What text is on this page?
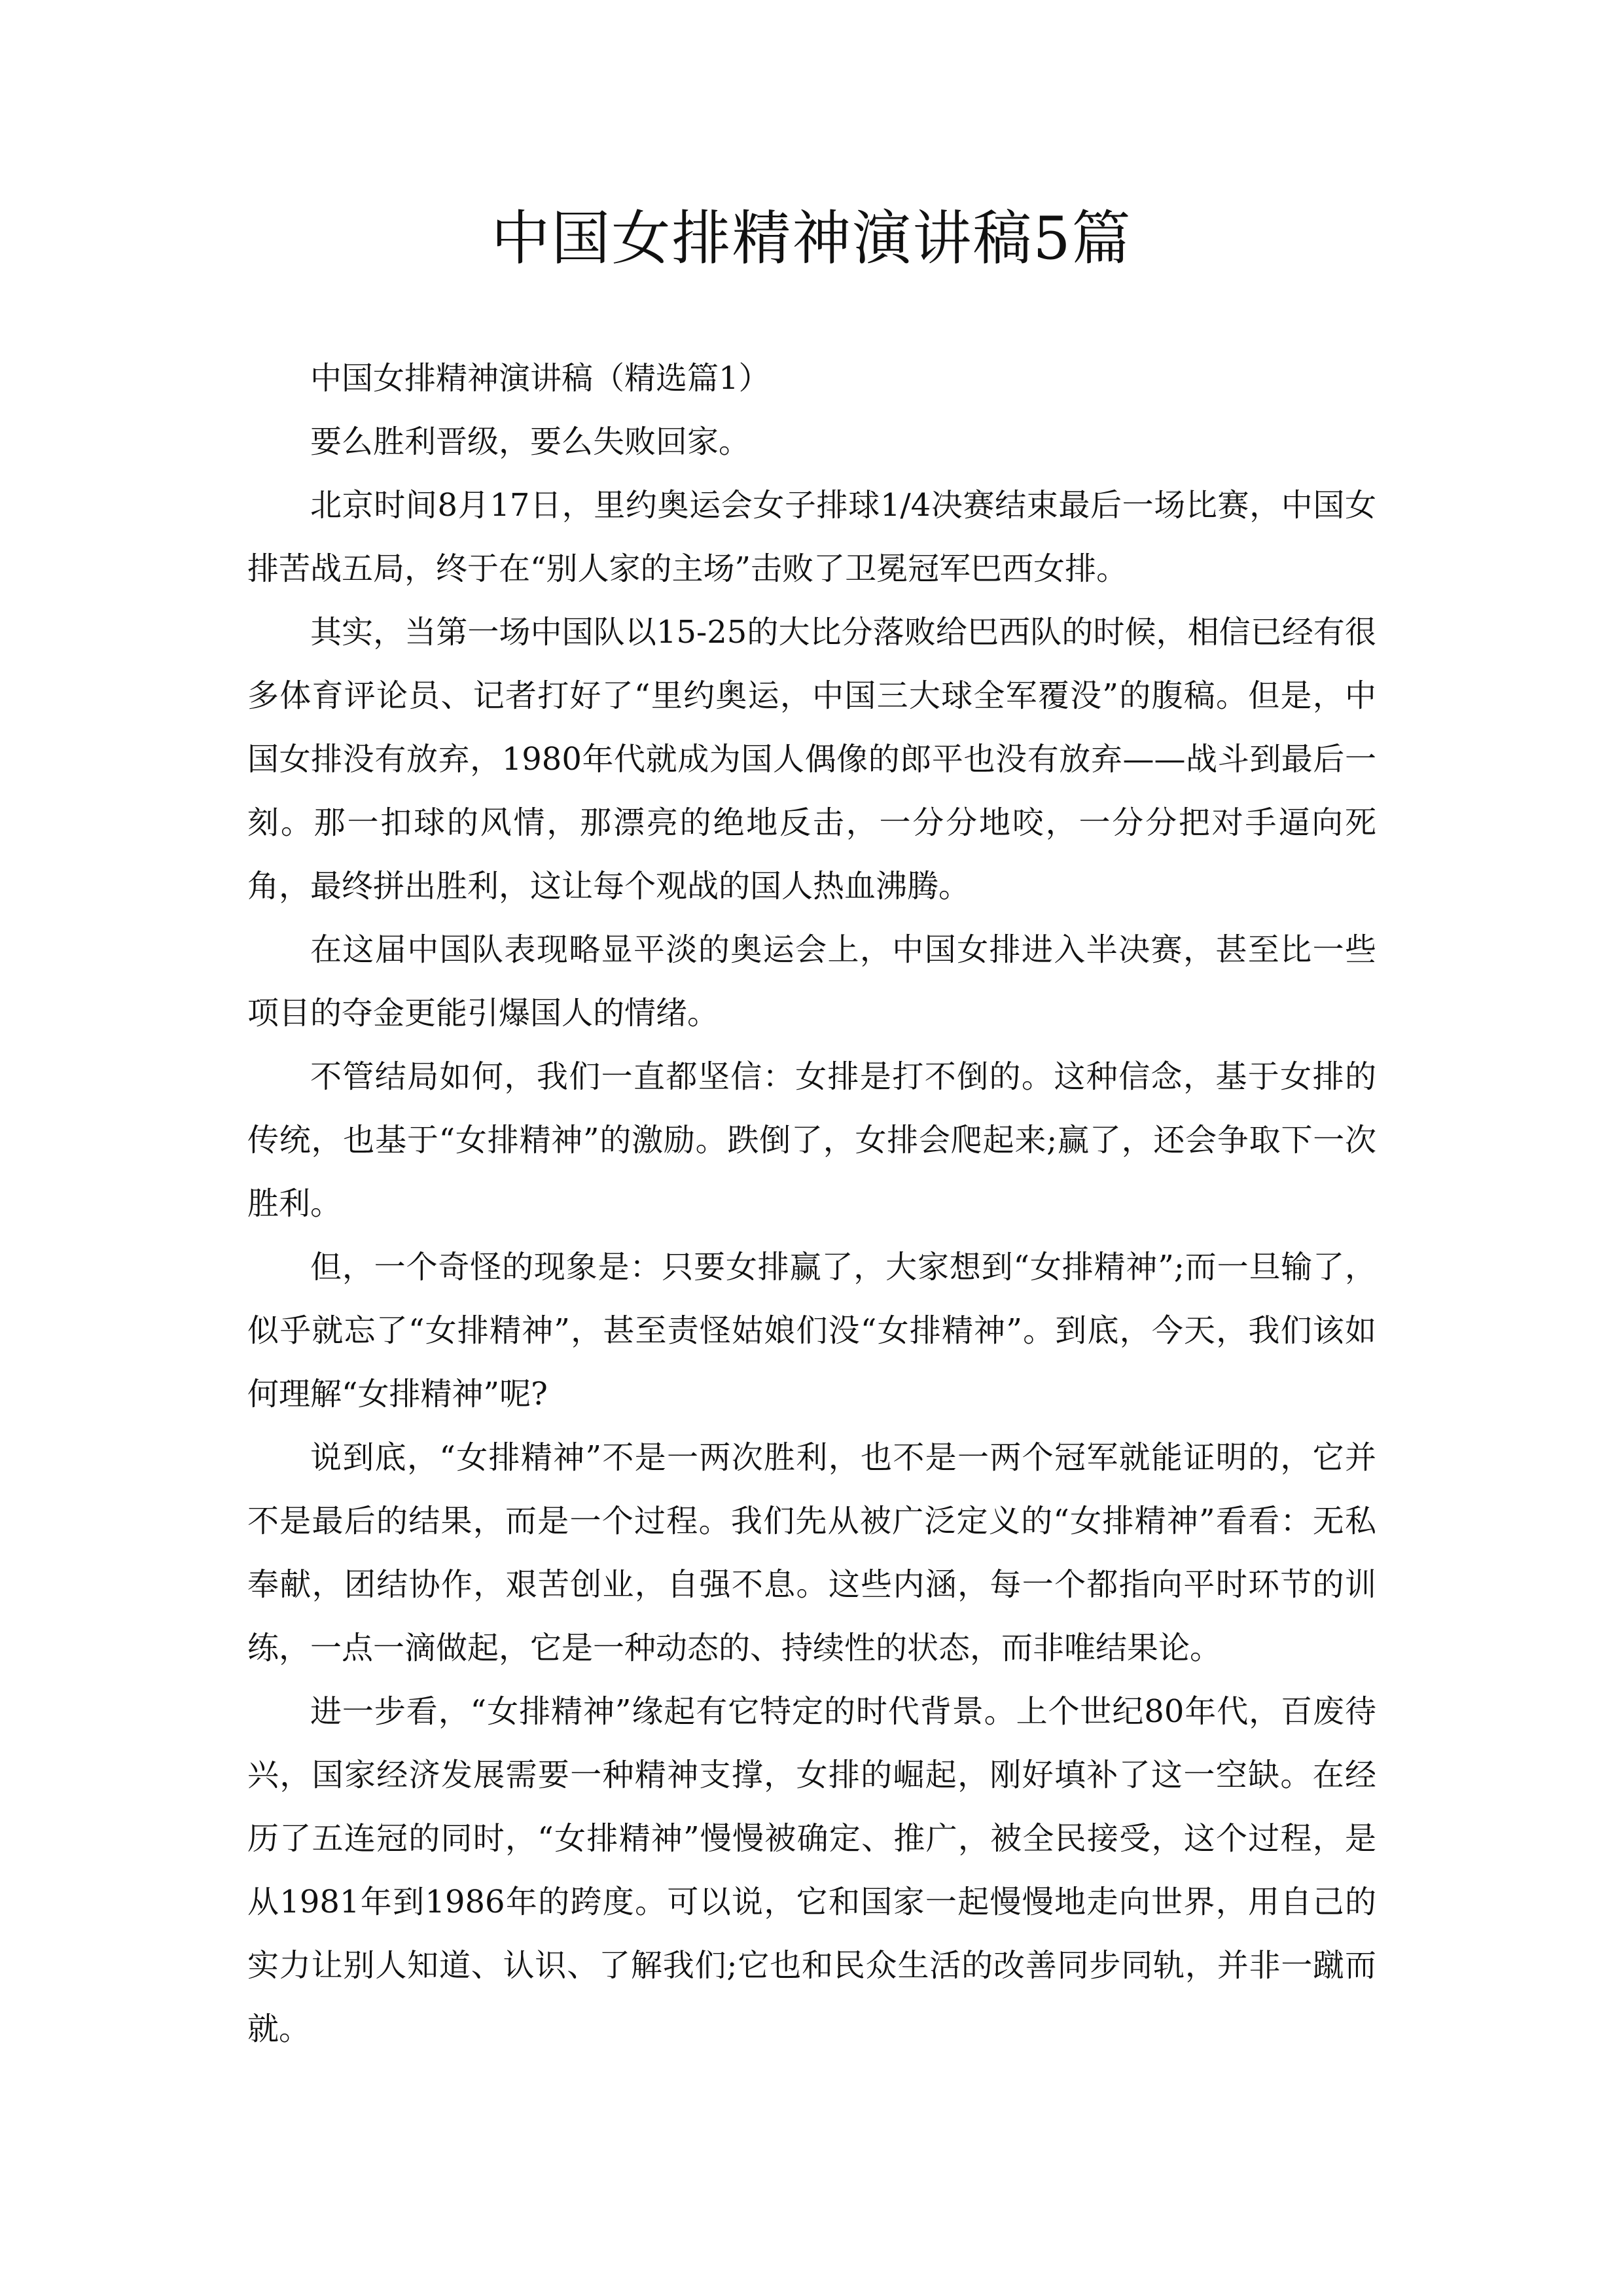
中国女排精神演讲稿5篇

中国女排精神演讲稿（精选篇1）

要么胜利晋级，要么失败回家。

北京时间8月17日，里约奥运会女子排球1/4决赛结束最后一场比赛，中国女排苦战五局，终于在“别人家的主场”击败了卫冕冠军巴西女排。

其实，当第一场中国队以15-25的大比分落败给巴西队的时候，相信已经有很多体育评论员、记者打好了“里约奥运，中国三大球全军覆没”的腹稿。但是，中国女排没有放弃，1980年代就成为国人偶像的郎平也没有放弃——战斗到最后一刻。那一扣球的风情，那漂亮的绝地反击，一分分地咬，一分分把对手逼向死角，最终拼出胜利，这让每个观战的国人热血沸腾。

在这届中国队表现略显平淡的奥运会上，中国女排进入半决赛，甚至比一些项目的夺金更能引爆国人的情绪。

不管结局如何，我们一直都坚信：女排是打不倒的。这种信念，基于女排的传统，也基于“女排精神”的激励。跌倒了，女排会爬起来;赢了，还会争取下一次胜利。

但，一个奇怪的现象是：只要女排赢了，大家想到“女排精神”;而一旦输了，似乎就忘了“女排精神”，甚至责怪姑娘们没“女排精神”。到底，今天，我们该如何理解“女排精神”呢?

说到底，“女排精神”不是一两次胜利，也不是一两个冠军就能证明的，它并不是最后的结果，而是一个过程。我们先从被广泛定义的“女排精神”看看：无私奉献，团结协作，艰苦创业，自强不息。这些内涵，每一个都指向平时环节的训练，一点一滴做起，它是一种动态的、持续性的状态，而非唯结果论。

进一步看，“女排精神”缘起有它特定的时代背景。上个世纪80年代，百废待兴，国家经济发展需要一种精神支撑，女排的崛起，刚好填补了这一空缺。在经历了五连冠的同时，“女排精神”慢慢被确定、推广，被全民接受，这个过程，是从1981年到1986年的跨度。可以说，它和国家一起慢慢地走向世界，用自己的实力让别人知道、认识、了解我们;它也和民众生活的改善同步同轨，并非一蹴而就。
